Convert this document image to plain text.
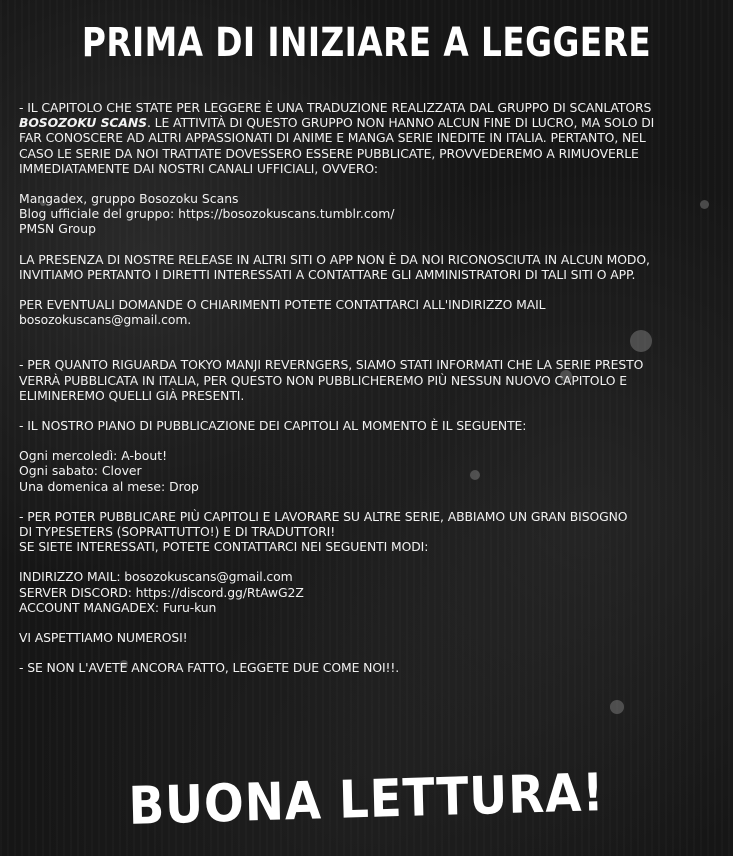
PRIMA DI INIZIARE A LEGGERE
- IL CAPITOLO CHE STATE PER LEGGERE È UNA TRADUZIONE REALIZZATA DAL GRUPPO DI SCANLATORS
BOSOZOKU SCANS. LE ATTIVITÀ DI QUESTO GRUPPO NON HANNO ALCUN FINE DI LUCRO, MA SOLO DI
FAR CONOSCERE AD ALTRI APPASSIONATI DI ANIME E MANGA SERIE INEDITE IN ITALIA. PERTANTO, NEL
CASO LE SERIE DA NOI TRATTATE DOVESSERO ESSERE PUBBLICATE, PROVVEDEREMO A RIMUOVERLE
IMMEDIATAMENTE DAI NOSTRI CANALI UFFICIALI, OVVERO:
Mangadex, gruppo Bosozoku Scans
Blog ufficiale del gruppo: https://bosozokuscans.tumblr.com/
PMSN Group
LA PRESENZA DI NOSTRE RELEASE IN ALTRI SITI O APP NON È DA NOI RICONOSCIUTA IN ALCUN MODO,
INVITIAMO PERTANTO I DIRETTI INTERESSATI A CONTATTARE GLI AMMINISTRATORI DI TALI SITI O APP.
PER EVENTUALI DOMANDE O CHIARIMENTI POTETE CONTATTARCI ALL'INDIRIZZO MAIL
bosozokuscans@gmail.com.
- PER QUANTO RIGUARDA TOKYO MANJI REVERNGERS, SIAMO STATI INFORMATI CHE LA SERIE PRESTO
VERRÀ PUBBLICATA IN ITALIA, PER QUESTO NON PUBBLICHEREMO PIÙ NESSUN NUOVO CAPITOLO E
ELIMINEREMO QUELLI GIÀ PRESENTI.
- IL NOSTRO PIANO DI PUBBLICAZIONE DEI CAPITOLI AL MOMENTO È IL SEGUENTE:
Ogni mercoledì: A-bout!
Ogni sabato: Clover
Una domenica al mese: Drop
- PER POTER PUBBLICARE PIÙ CAPITOLI E LAVORARE SU ALTRE SERIE, ABBIAMO UN GRAN BISOGNO
DI TYPESETERS (SOPRATTUTTO!) E DI TRADUTTORI!
SE SIETE INTERESSATI, POTETE CONTATTARCI NEI SEGUENTI MODI:
INDIRIZZO MAIL: bosozokuscans@gmail.com
SERVER DISCORD: https://discord.gg/RtAwG2Z
ACCOUNT MANGADEX: Furu-kun
VI ASPETTIAMO NUMEROSI!
- SE NON L'AVETE ANCORA FATTO, LEGGETE DUE COME NOI!!.
BUONA LETTURA!
